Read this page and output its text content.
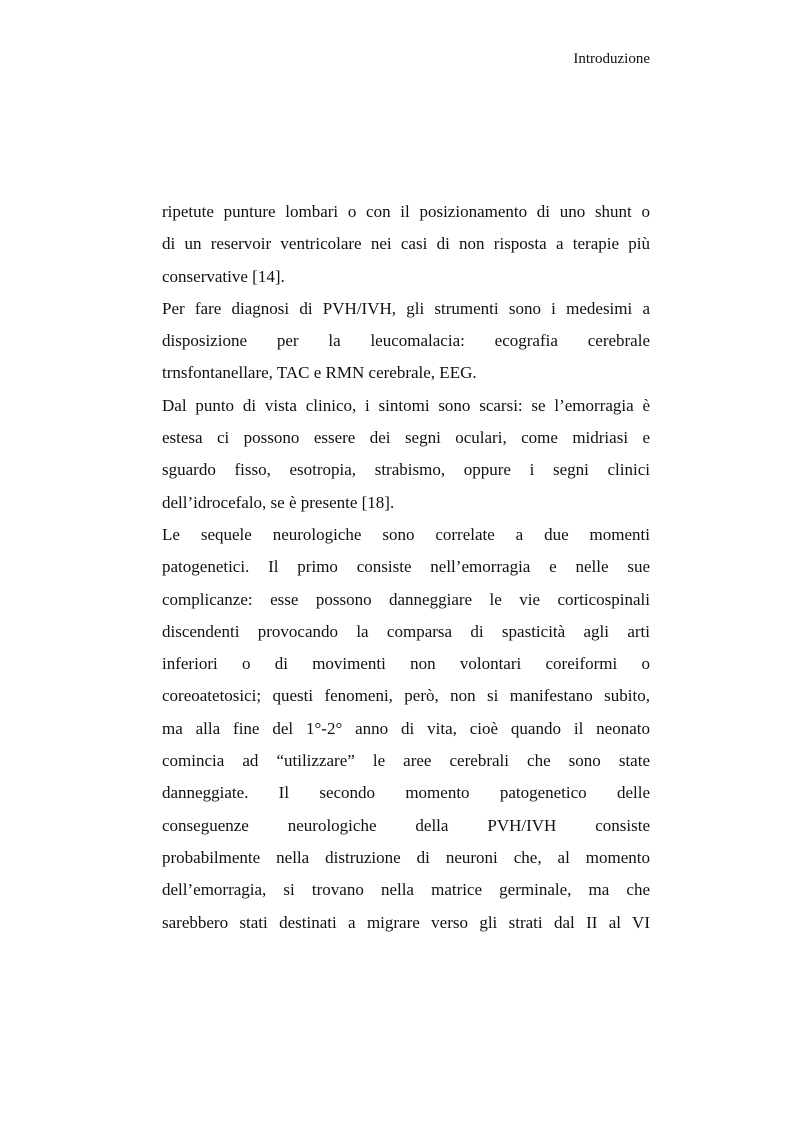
Introduzione

ripetute punture lombari o con il posizionamento di uno shunt o
di un reservoir ventricolare nei casi di non risposta a terapie più
conservative [14].

Per fare diagnosi di PVH/IVH, gli strumenti sono i medesimi a
disposizione per la leucomalacia: ecografia cerebrale
trnsfontanellare, TAC e RMN cerebrale, EEG.

Dal punto di vista clinico, i sintomi sono scarsi: se l’emorragia è
estesa ci possono essere dei segni oculari, come midriasi e
sguardo fisso, esotropia, strabismo, oppure i segni clinici
dell’idrocefalo, se è presente [18].

Le sequele neurologiche sono correlate a due momenti
patogenetici. Il primo consiste nell’emorragia e nelle sue
complicanze: esse possono danneggiare le vie corticospinali
discendenti provocando la comparsa di spasticità agli arti
inferiori o di movimenti non volontari coreiformi o
coreoatetosici; questi fenomeni, però, non si manifestano subito,
ma alla fine del 1°-2° anno di vita, cioè quando il neonato
comincia ad “utilizzare” le aree cerebrali che sono state
danneggiate. Il secondo momento patogenetico delle
conseguenze neurologiche della PVH/IVH consiste
probabilmente nella distruzione di neuroni che, al momento
dell’emorragia, si trovano nella matrice germinale, ma che
sarebbero stati destinati a migrare verso gli strati dal II al VI
